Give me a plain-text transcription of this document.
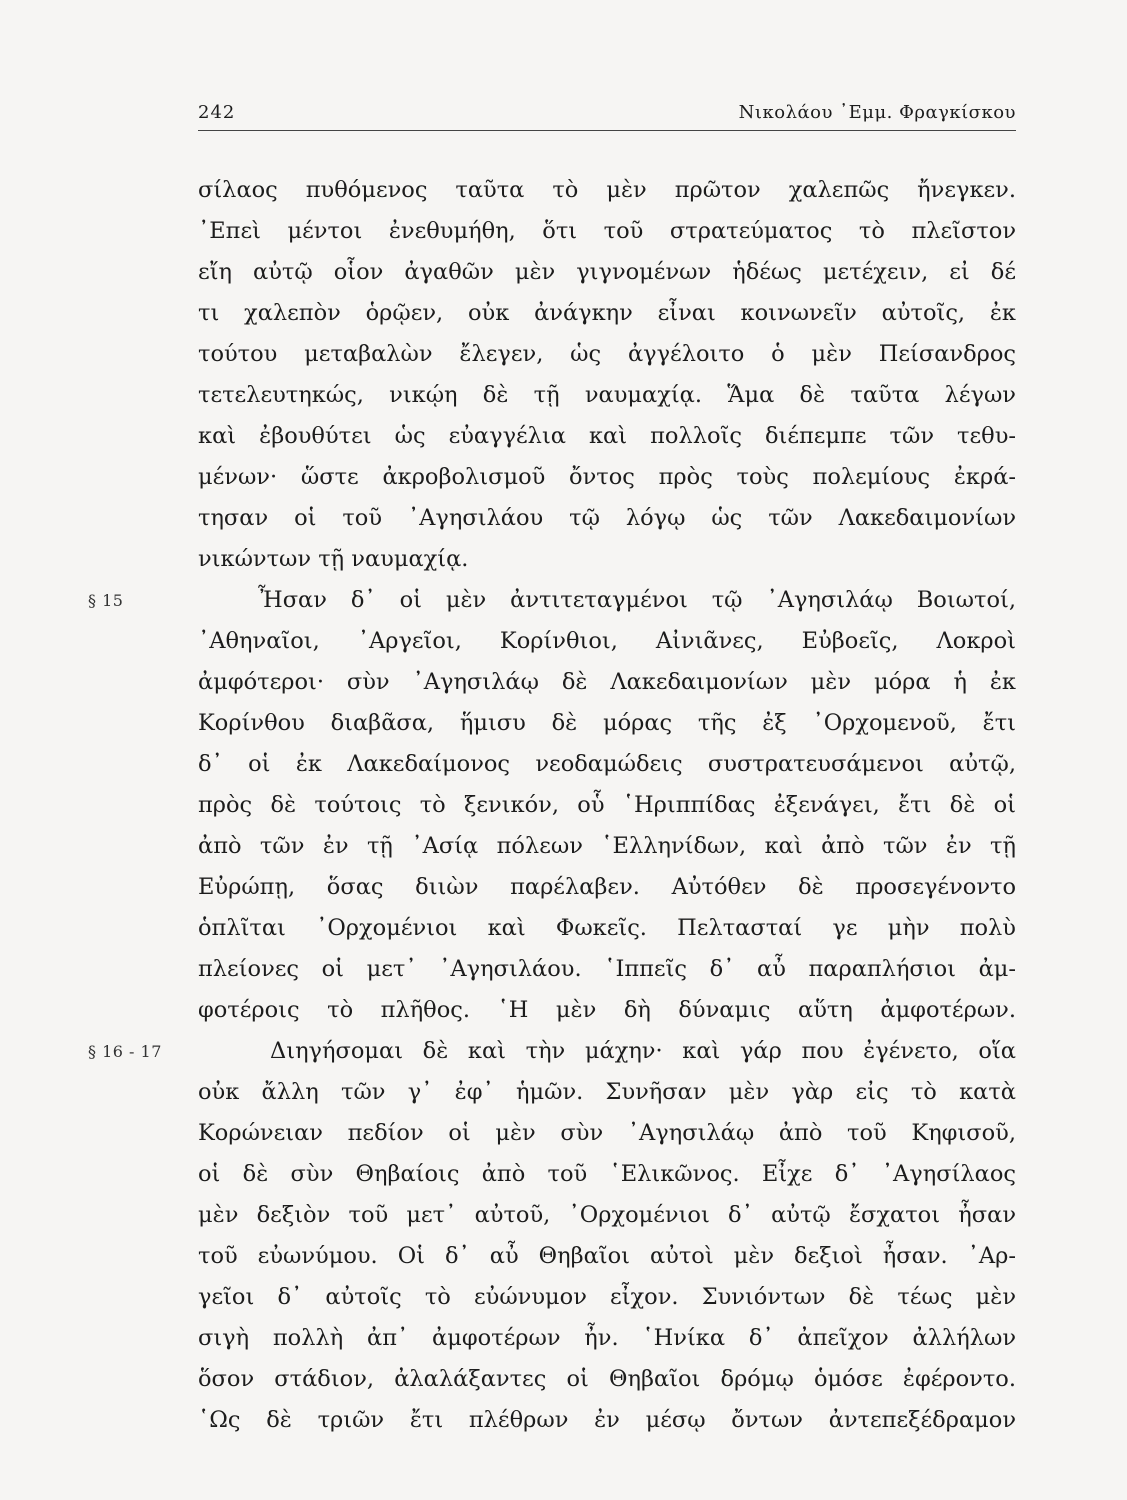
242	Νικολάου ᾿Εμμ. Φραγκίσκου
σίλαος πυθόμενος ταῦτα τὸ μὲν πρῶτον χαλεπῶς ἤνεγκεν.
᾿Επεὶ μέντοι ἐνεθυμήθη, ὅτι τοῦ στρατεύματος τὸ πλεῖστον
εἴη αὐτῷ οἷον ἀγαθῶν μὲν γιγνομένων ἡδέως μετέχειν, εἰ δέ
τι χαλεπὸν ὁρῷεν, οὐκ ἀνάγκην εἶναι κοινωνεῖν αὐτοῖς, ἐκ
τούτου μεταβαλὼν ἔλεγεν, ὡς ἀγγέλοιτο ὁ μὲν Πείσανδρος
τετελευτηκώς, νικῴη δὲ τῇ ναυμαχίᾳ. Ἅμα δὲ ταῦτα λέγων
καὶ ἐβουθύτει ὡς εὐαγγέλια καὶ πολλοῖς διέπεμπε τῶν τεθυ-
μένων· ὥστε ἀκροβολισμοῦ ὄντος πρὸς τοὺς πολεμίους ἐκρά-
τησαν οἱ τοῦ ᾿Αγησιλάου τῷ λόγῳ ὡς τῶν Λακεδαιμονίων
νικώντων τῇ ναυμαχίᾳ.
§ 15	Ἦσαν δ᾿ οἱ μὲν ἀντιτεταγμένοι τῷ ᾿Αγησιλάῳ Βοιωτοί,
᾿Αθηναῖοι, ᾿Αργεῖοι, Κορίνθιοι, Αἰνιᾶνες, Εὐβοεῖς, Λοκροὶ
ἀμφότεροι· σὺν ᾿Αγησιλάῳ δὲ Λακεδαιμονίων μὲν μόρα ἡ ἐκ
Κορίνθου διαβᾶσα, ἥμισυ δὲ μόρας τῆς ἐξ ᾿Ορχομενοῦ, ἔτι
δ᾿ οἱ ἐκ Λακεδαίμονος νεοδαμώδεις συστρατευσάμενοι αὐτῷ,
πρὸς δὲ τούτοις τὸ ξενικόν, οὗ ῾Ηριππίδας ἐξενάγει, ἔτι δὲ οἱ
ἀπὸ τῶν ἐν τῇ ᾿Ασίᾳ πόλεων ῾Ελληνίδων, καὶ ἀπὸ τῶν ἐν τῇ
Εὐρώπῃ, ὅσας διιὼν παρέλαβεν. Αὐτόθεν δὲ προσεγένοντο
ὁπλῖται ᾿Ορχομένιοι καὶ Φωκεῖς. Πελτασταί γε μὴν πολὺ
πλείονες οἱ μετ᾿ ᾿Αγησιλάου. ῾Ιππεῖς δ᾿ αὖ παραπλήσιοι ἀμ-
φοτέροις τὸ πλῆθος. ῾Η μὲν δὴ δύναμις αὕτη ἀμφοτέρων.
§ 16 - 17	Διηγήσομαι δὲ καὶ τὴν μάχην· καὶ γάρ που ἐγένετο, οἵα
οὐκ ἄλλη τῶν γ᾿ ἐφ᾿ ἡμῶν. Συνῆσαν μὲν γὰρ εἰς τὸ κατὰ
Κορώνειαν πεδίον οἱ μὲν σὺν ᾿Αγησιλάῳ ἀπὸ τοῦ Κηφισοῦ,
οἱ δὲ σὺν Θηβαίοις ἀπὸ τοῦ ῾Ελικῶνος. Εἶχε δ᾿ ᾿Αγησίλαος
μὲν δεξιὸν τοῦ μετ᾿ αὐτοῦ, ᾿Ορχομένιοι δ᾿ αὐτῷ ἔσχατοι ἦσαν
τοῦ εὐωνύμου. Οἱ δ᾿ αὖ Θηβαῖοι αὐτοὶ μὲν δεξιοὶ ἦσαν. ᾿Αρ-
γεῖοι δ᾿ αὐτοῖς τὸ εὐώνυμον εἶχον. Συνιόντων δὲ τέως μὲν
σιγὴ πολλὴ ἀπ᾿ ἀμφοτέρων ἦν. ῾Ηνίκα δ᾿ ἀπεῖχον ἀλλήλων
ὅσον στάδιον, ἀλαλάξαντες οἱ Θηβαῖοι δρόμῳ ὁμόσε ἐφέροντο.
῾Ως δὲ τριῶν ἔτι πλέθρων ἐν μέσῳ ὄντων ἀντεπεξέδραμον
